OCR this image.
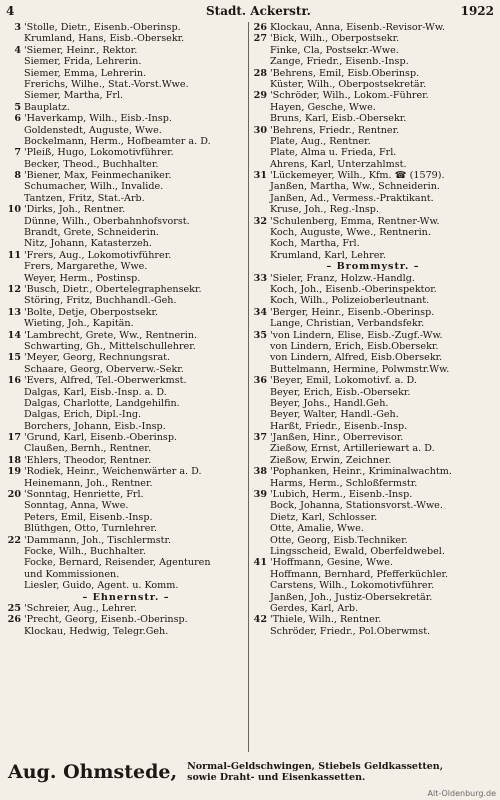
4	Stadt. Ackerstr.	1922
3 'Stolle, Dietr., Eisenb.-Oberinsp.
Krumland, Hans, Eisb.-Obersekr.
4 'Siemer, Heinr., Rektor.
Siemer, Frida, Lehrerin.
Siemer, Emma, Lehrerin.
Frerichs, Wilhe., Stat.-Vorst.Wwe.
Siemer, Martha, Frl.
5 Bauplatz.
6 'Haverkamp, Wilh., Eisb.-Insp.
Goldenstedt, Auguste, Wwe.
Bockelmann, Herm., Hofbeamter a. D.
7 'Pleiß, Hugo, Lokomotivführer.
Becker, Theod., Buchhalter.
8 'Biener, Max, Feinmechaniker.
Schumacher, Wilh., Invalide.
Tantzen, Fritz, Stat.-Arb.
10 'Dirks, Joh., Rentner.
Dünne, Wilh., Oberbahnhofsvorst.
Brandt, Grete, Schneiderin.
Nitz, Johann, Katasterzeh.
11 'Frers, Aug., Lokomotivführer.
Frers, Margarethe, Wwe.
Weyer, Herm., Postinsp.
12 'Busch, Dietr., Obertelegraphensekr.
Störing, Fritz, Buchhandl.-Geh.
13 'Bolte, Detje, Oberpostsekr.
Wieting, Joh., Kapitän.
14 'Lambrecht, Grete, Ww., Rentnerin.
Schwarting, Gh., Mittelschullehrer.
15 'Meyer, Georg, Rechnungsrat.
Schaare, Georg, Oberverw.-Sekr.
16 'Evers, Alfred, Tel.-Oberwerkmst.
Dalgas, Karl, Eisb.-Insp. a. D.
Dalgas, Charlotte, Landgehilfin.
Dalgas, Erich, Dipl.-Ing.
Borchers, Johann, Eisb.-Insp.
17 'Grund, Karl, Eisenb.-Oberinsp.
Claußen, Bernh., Rentner.
18 'Ehlers, Theodor, Rentner.
19 'Rodiek, Heinr., Weichenwärter a. D.
Heinemann, Joh., Rentner.
20 'Sonntag, Henriette, Frl.
Sonntag, Anna, Wwe.
Peters, Emil, Eisenb.-Insp.
Blüthgen, Otto, Turnlehrer.
22 'Dammann, Joh., Tischlermstr.
Focke, Wilh., Buchhalter.
Focke, Bernard, Reisender, Agenturen
und Kommissionen.
Liesler, Guido, Agent. u. Komm.
– Ehnernstr. –
25 'Schreier, Aug., Lehrer.
26 'Precht, Georg, Eisenb.-Oberinsp.
Klockau, Hedwig, Telegr.Geh.
26 Klockau, Anna, Eisenb.-Revisor-Ww.
27 'Bick, Wilh., Oberpostsekr.
Finke, Cla, Postsekr.-Wwe.
Zange, Friedr., Eisenb.-Insp.
28 'Behrens, Emil, Eisb.Oberinsp.
Küster, Wilh., Oberpostsekretär.
29 'Schröder, Wilh., Lokom.-Führer.
Hayen, Gesche, Wwe.
Bruns, Karl, Eisb.-Obersekr.
30 'Behrens, Friedr., Rentner.
Plate, Aug., Rentner.
Plate, Alma u. Frieda, Frl.
Ahrens, Karl, Unterzahlmst.
31 'Lückemeyer, Wilh., Kfm. ☎ (1579).
Janßen, Martha, Ww., Schneiderin.
Janßen, Ad., Vermess.-Praktikant.
Kruse, Joh., Reg.-Insp.
32 'Schulenberg, Emma, Rentner-Ww.
Koch, Auguste, Wwe., Rentnerin.
Koch, Martha, Frl.
Krumland, Karl, Lehrer.
– Brommystr. –
33 'Sieler, Franz, Holzw.-Handlg.
Koch, Joh., Eisenb.-Oberinspektor.
Koch, Wilh., Polizeioberleutnant.
34 'Berger, Heinr., Eisenb.-Oberinsp.
Lange, Christian, Verbandsfekr.
35 'von Lindern, Elise, Eisb.-Zugf.-Ww.
von Lindern, Erich, Eisb.Obersekr.
von Lindern, Alfred, Eisb.Obersekr.
Buttelmann, Hermine, Polwmstr.Ww.
36 'Beyer, Emil, Lokomotivf. a. D.
Beyer, Erich, Eisb.-Obersekr.
Beyer, Johs., Handl.Geh.
Beyer, Walter, Handl.-Geh.
Harßt, Friedr., Eisenb.-Insp.
37 'Janßen, Hinr., Oberrevisor.
Zießow, Ernst, Artilleriewart a. D.
Zießow, Erwin, Zeichner.
38 'Pophanken, Heinr., Kriminalwachtm.
Harms, Herm., Schloßfermstr.
39 'Lubich, Herm., Eisenb.-Insp.
Bock, Johanna, Stationsvorst.-Wwe.
Dietz, Karl, Schlosser.
Otte, Amalie, Wwe.
Otte, Georg, Eisb.Techniker.
Lingsscheid, Ewald, Oberfeldwebel.
41 'Hoffmann, Gesine, Wwe.
Hoffmann, Bernhard, Pfefferküchler.
Carstens, Wilh., Lokomotivführer.
Janßen, Joh., Justiz-Obersekretär.
Gerdes, Karl, Arb.
42 'Thiele, Wilh., Rentner.
Schröder, Friedr., Pol.Oberwmst.
Aug. Ohmstede, Normal-Geldschwingen, Stiebels Geldkassetten,
sowie Draht- und Eisenkassetten.
Alt-Oldenburg.de
